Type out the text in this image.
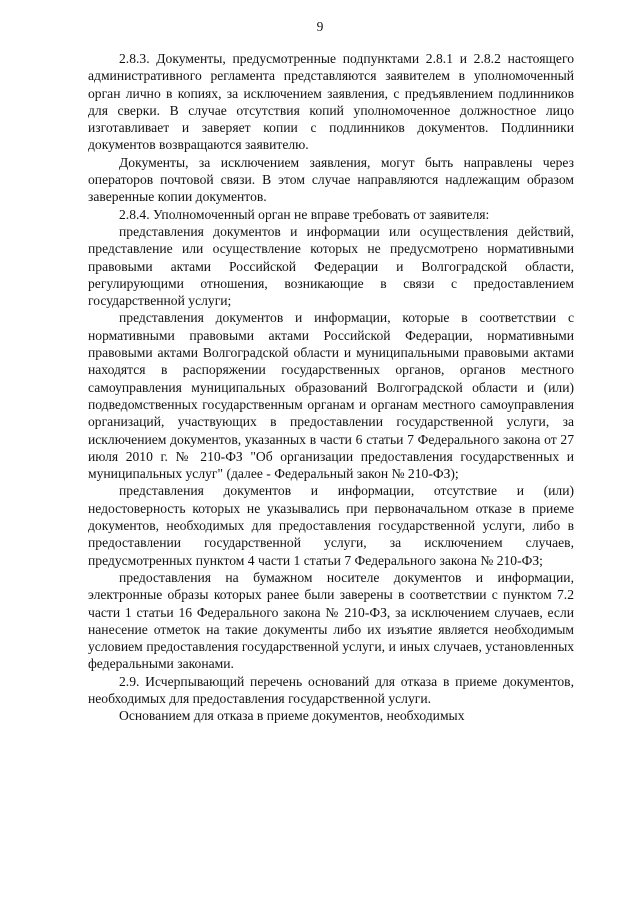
9

2.8.3. Документы, предусмотренные подпунктами 2.8.1 и 2.8.2 настоящего административного регламента представляются заявителем в уполномоченный орган лично в копиях, за исключением заявления, с предъявлением подлинников для сверки. В случае отсутствия копий уполномоченное должностное лицо изготавливает и заверяет копии с подлинников документов. Подлинники документов возвращаются заявителю.

Документы, за исключением заявления, могут быть направлены через операторов почтовой связи. В этом случае направляются надлежащим образом заверенные копии документов.

2.8.4. Уполномоченный орган не вправе требовать от заявителя:

представления документов и информации или осуществления действий, представление или осуществление которых не предусмотрено нормативными правовыми актами Российской Федерации и Волгоградской области, регулирующими отношения, возникающие в связи с предоставлением государственной услуги;

представления документов и информации, которые в соответствии с нормативными правовыми актами Российской Федерации, нормативными правовыми актами Волгоградской области и муниципальными правовыми актами находятся в распоряжении государственных органов, органов местного самоуправления муниципальных образований Волгоградской области и (или) подведомственных государственным органам и органам местного самоуправления организаций, участвующих в предоставлении государственной услуги, за исключением документов, указанных в части 6 статьи 7 Федерального закона от 27 июля 2010 г. № 210-ФЗ "Об организации предоставления государственных и муниципальных услуг" (далее - Федеральный закон № 210-ФЗ);

представления документов и информации, отсутствие и (или) недостоверность которых не указывались при первоначальном отказе в приеме документов, необходимых для предоставления государственной услуги, либо в предоставлении государственной услуги, за исключением случаев, предусмотренных пунктом 4 части 1 статьи 7 Федерального закона № 210-ФЗ;

предоставления на бумажном носителе документов и информации, электронные образы которых ранее были заверены в соответствии с пунктом 7.2 части 1 статьи 16 Федерального закона № 210-ФЗ, за исключением случаев, если нанесение отметок на такие документы либо их изъятие является необходимым условием предоставления государственной услуги, и иных случаев, установленных федеральными законами.

2.9. Исчерпывающий перечень оснований для отказа в приеме документов, необходимых для предоставления государственной услуги.

Основанием для отказа в приеме документов, необходимых
